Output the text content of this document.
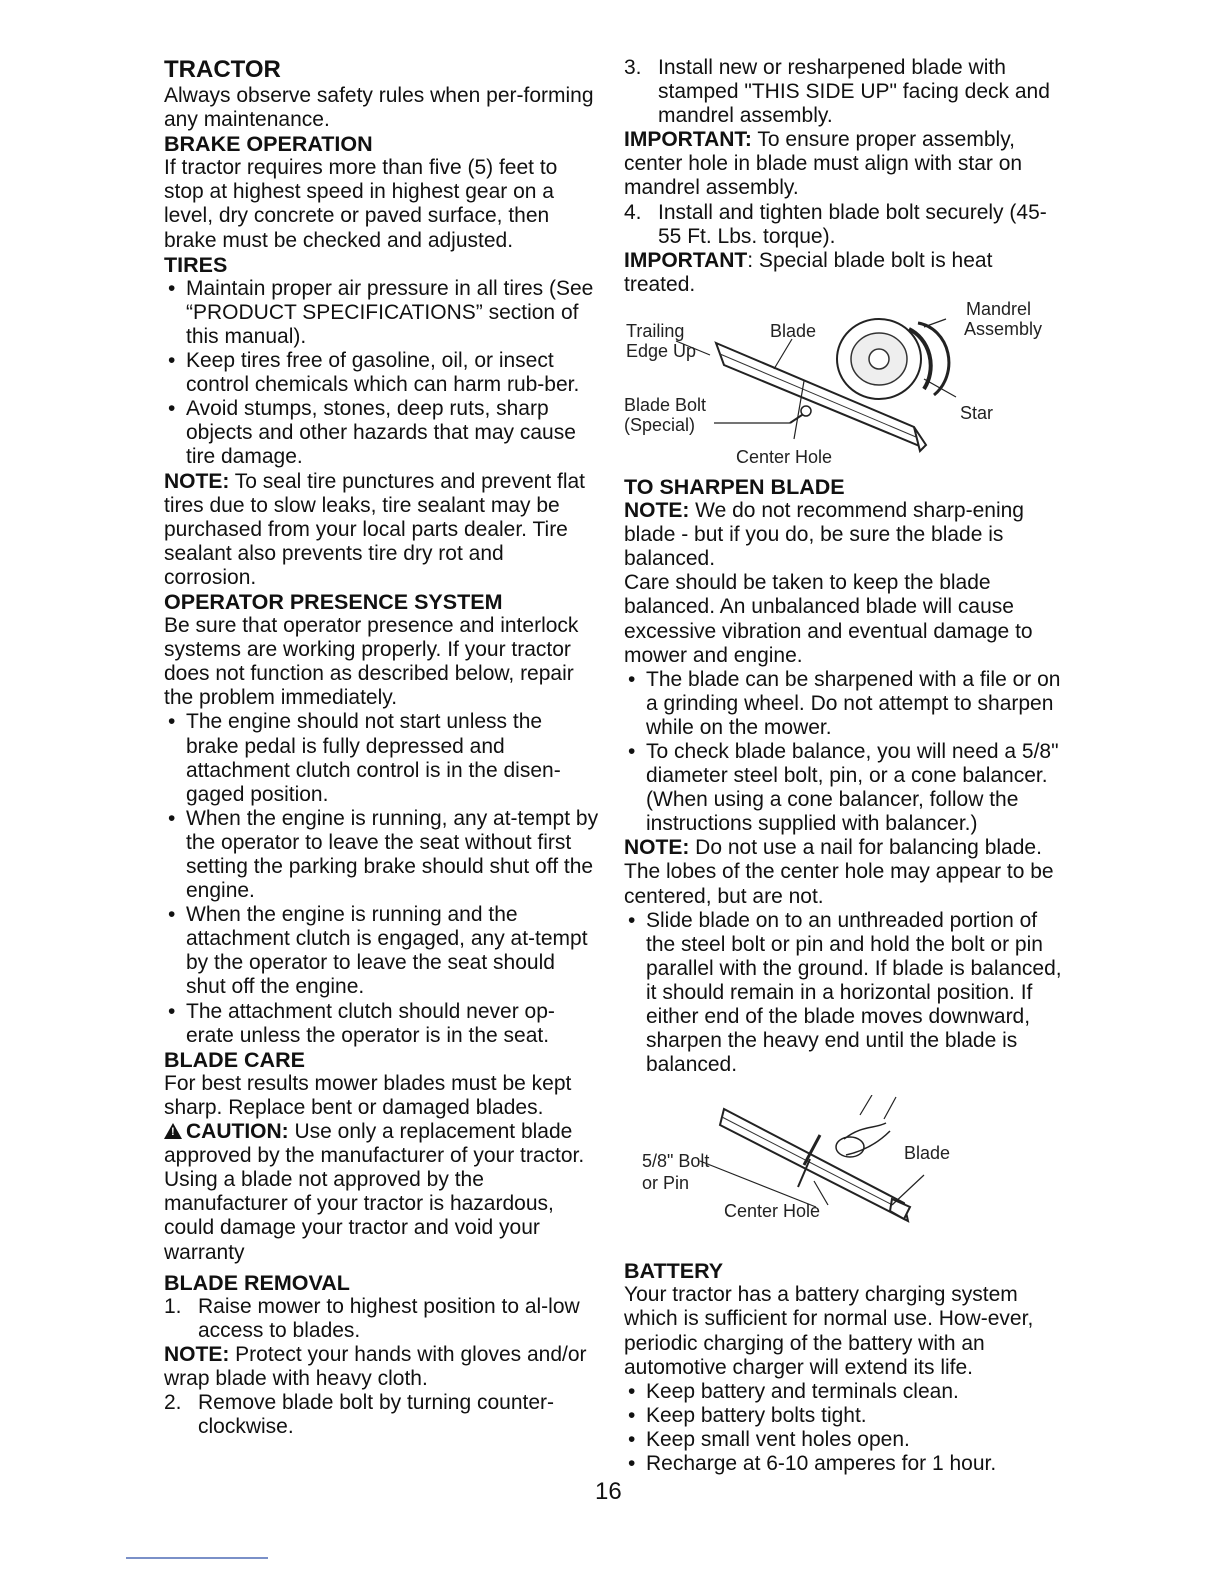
TRACTOR

Always observe safety rules when per-forming any maintenance.

BRAKE OPERATION

If tractor requires more than five (5) feet to stop at highest speed in highest gear on a level, dry concrete or paved surface, then brake must be checked and adjusted.

TIRES

• Maintain proper air pressure in all tires (See “PRODUCT SPECIFICATIONS” section of this manual).

• Keep tires free of gasoline, oil, or insect control chemicals which can harm rub-ber.

• Avoid stumps, stones, deep ruts, sharp objects and other hazards that may cause tire damage.

NOTE: To seal tire punctures and prevent flat tires due to slow leaks, tire sealant may be purchased from your local parts dealer. Tire sealant also prevents tire dry rot and corrosion.

OPERATOR PRESENCE SYSTEM

Be sure that operator presence and interlock systems are working properly. If your tractor does not function as described below, repair the problem immediately.

• The engine should not start unless the brake pedal is fully depressed and attachment clutch control is in the disen-gaged position.

• When the engine is running, any at-tempt by the operator to leave the seat without first setting the parking brake should shut off the engine.

• When the engine is running and the attachment clutch is engaged, any at-tempt by the operator to leave the seat should shut off the engine.

• The attachment clutch should never op-erate unless the operator is in the seat.

BLADE CARE

For best results mower blades must be kept sharp. Replace bent or damaged blades.

!CAUTION: Use only a replacement blade approved by the manufacturer of your tractor. Using a blade not approved by the manufacturer of your tractor is hazardous, could damage your tractor and void your warranty

BLADE REMOVAL

1. Raise mower to highest position to al-low access to blades.

NOTE: Protect your hands with gloves and/or wrap blade with heavy cloth.

2. Remove blade bolt by turning counter-clockwise.

3. Install new or resharpened blade with stamped "THIS SIDE UP" facing deck and mandrel assembly.

IMPORTANT: To ensure proper assembly, center hole in blade must align with star on mandrel assembly.

4. Install and tighten blade bolt securely (45-55 Ft. Lbs. torque).

IMPORTANT: Special blade bolt is heat treated.

Trailing
Edge Up
Blade
Mandrel
Assembly
Blade Bolt
(Special)
Star
Center Hole
TO SHARPEN BLADE

NOTE: We do not recommend sharp-ening blade - but if you do, be sure the blade is balanced.

Care should be taken to keep the blade balanced. An unbalanced blade will cause excessive vibration and eventual damage to mower and engine.

• The blade can be sharpened with a file or on a grinding wheel. Do not attempt to sharpen while on the mower.

• To check blade balance, you will need a 5/8" diameter steel bolt, pin, or a cone balancer. (When using a cone balancer, follow the instructions supplied with balancer.)

NOTE: Do not use a nail for balancing blade. The lobes of the center hole may appear to be centered, but are not.

• Slide blade on to an unthreaded portion of the steel bolt or pin and hold the bolt or pin parallel with the ground. If blade is balanced, it should remain in a horizontal position. If either end of the blade moves downward, sharpen the heavy end until the blade is balanced.

5/8" Bolt
or Pin
Blade
Center Hole
BATTERY

Your tractor has a battery charging system which is sufficient for normal use. How-ever, periodic charging of the battery with an automotive charger will extend its life.

• Keep battery and terminals clean.

• Keep battery bolts tight.

• Keep small vent holes open.

• Recharge at 6-10 amperes for 1 hour.

16
